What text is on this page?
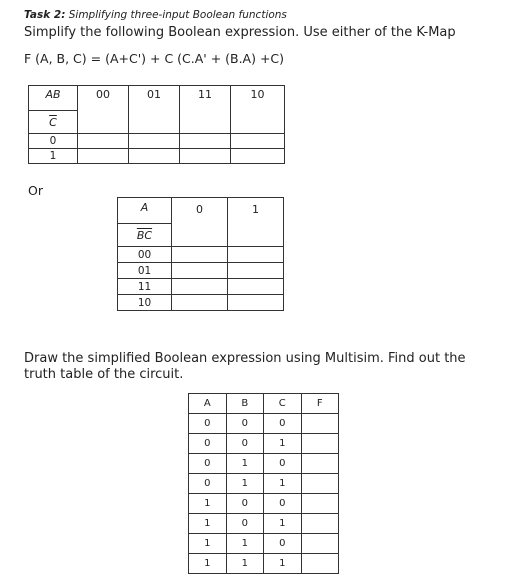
Task 2: Simplifying three-input Boolean functions
Simplify the following Boolean expression. Use either of the K-Map
F (A, B, C) = (A+C') + C (C.A' + (B.A) +C)
AB	00	01	11	10
$\overline{C}$
0				
1				
Or
A	0	1
$\overline{BC}$
00		
01		
11		
10		
Draw the simplified Boolean expression using Multisim. Find out the
truth table of the circuit.
A	B	C	F
0	0	0	
0	0	1	
0	1	0	
0	1	1	
1	0	0	
1	0	1	
1	1	0	
1	1	1	
